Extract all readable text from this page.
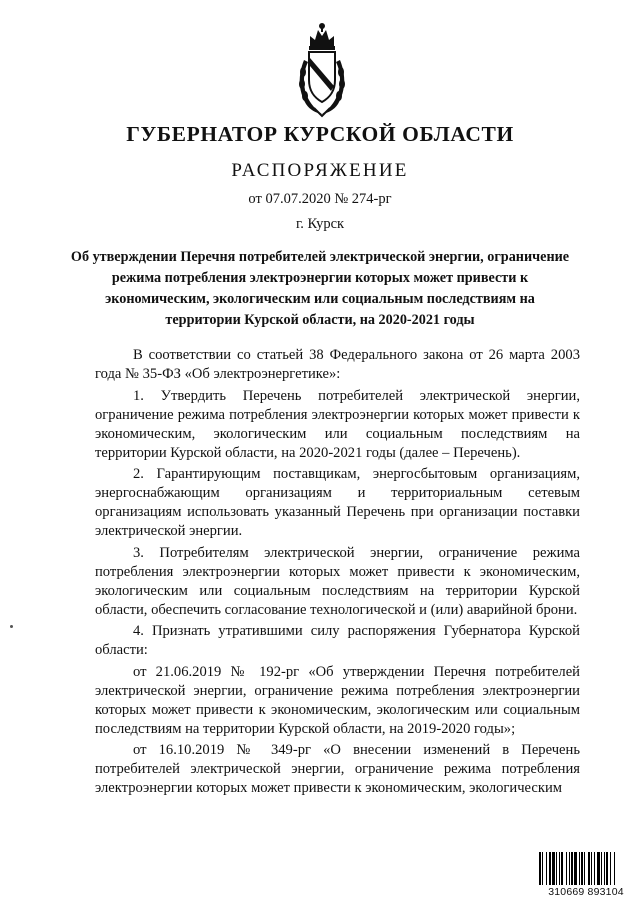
ГУБЕРНАТОР КУРСКОЙ ОБЛАСТИ
РАСПОРЯЖЕНИЕ
от 07.07.2020 № 274-рг
г. Курск
Об утверждении Перечня потребителей электрической энергии, ограничение режима потребления электроэнергии которых может привести к экономическим, экологическим или социальным последствиям на территории Курской области, на 2020-2021 годы

В соответствии со статьей 38 Федерального закона от 26 марта 2003 года № 35-ФЗ «Об электроэнергетике»:

1. Утвердить Перечень потребителей электрической энергии, ограничение режима потребления электроэнергии которых может привести к экономическим, экологическим или социальным последствиям на территории Курской области, на 2020-2021 годы (далее – Перечень).

2. Гарантирующим поставщикам, энергосбытовым организациям, энергоснабжающим организациям и территориальным сетевым организациям использовать указанный Перечень при организации поставки электрической энергии.

3. Потребителям электрической энергии, ограничение режима потребления электроэнергии которых может привести к экономическим, экологическим или социальным последствиям на территории Курской области, обеспечить согласование технологической и (или) аварийной брони.

4. Признать утратившими силу распоряжения Губернатора Курской области:

от 21.06.2019 № 192-рг «Об утверждении Перечня потребителей электрической энергии, ограничение режима потребления электроэнергии которых может привести к экономическим, экологическим или социальным последствиям на территории Курской области, на 2019-2020 годы»;

от 16.10.2019 № 349-рг «О внесении изменений в Перечень потребителей электрической энергии, ограничение режима потребления электроэнергии которых может привести к экономическим, экологическим

310669 893104
